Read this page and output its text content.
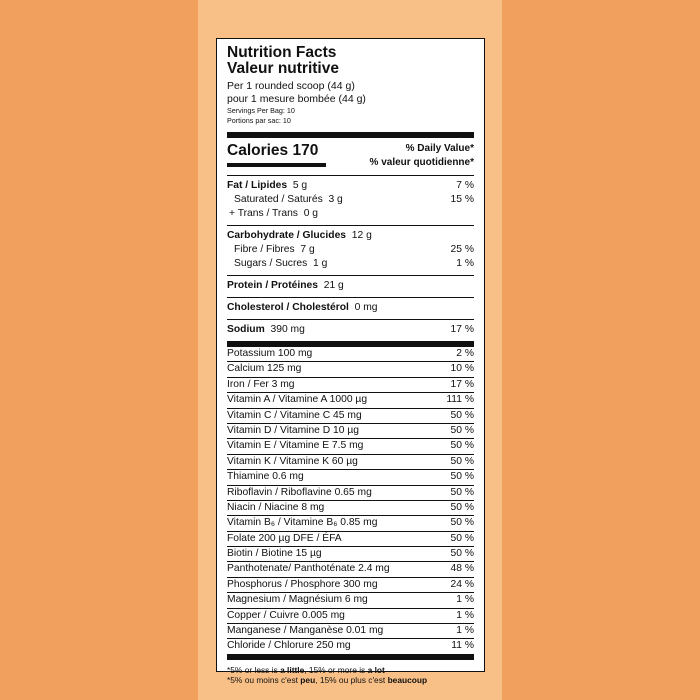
Nutrition Facts
Valeur nutritive
Per 1 rounded scoop (44 g)
pour 1 mesure bombée (44 g)
Servings Per Bag: 10
Portions par sac: 10
Calories 170	% Daily Value*
% valeur quotidienne*
Fat / Lipides 5 g	7 %
Saturated / Saturés 3 g	15 %
+ Trans / Trans 0 g
Carbohydrate / Glucides 12 g
Fibre / Fibres 7 g	25 %
Sugars / Sucres 1 g	1 %
Protein / Protéines 21 g
Cholesterol / Cholestérol 0 mg
Sodium 390 mg	17 %
Potassium 100 mg	2 %
Calcium 125 mg	10 %
Iron / Fer 3 mg	17 %
Vitamin A / Vitamine A 1000 µg	111 %
Vitamin C / Vitamine C 45 mg	50 %
Vitamin D / Vitamine D 10 µg	50 %
Vitamin E / Vitamine E 7.5 mg	50 %
Vitamin K / Vitamine K 60 µg	50 %
Thiamine 0.6 mg	50 %
Riboflavin / Riboflavine 0.65 mg	50 %
Niacin / Niacine 8 mg	50 %
Vitamin B₆ / Vitamine B₆ 0.85 mg	50 %
Folate 200 µg DFE / ÉFA	50 %
Biotin / Biotine 15 µg	50 %
Panthotenate/ Panthoténate 2.4 mg	48 %
Phosphorus / Phosphore 300 mg	24 %
Magnesium / Magnésium 6 mg	1 %
Copper / Cuivre 0.005 mg	1 %
Manganese / Manganèse 0.01 mg	1 %
Chloride / Chlorure 250 mg	11 %
*5% or less is a little, 15% or more is a lot
*5% ou moins c'est peu, 15% ou plus c'est beaucoup
